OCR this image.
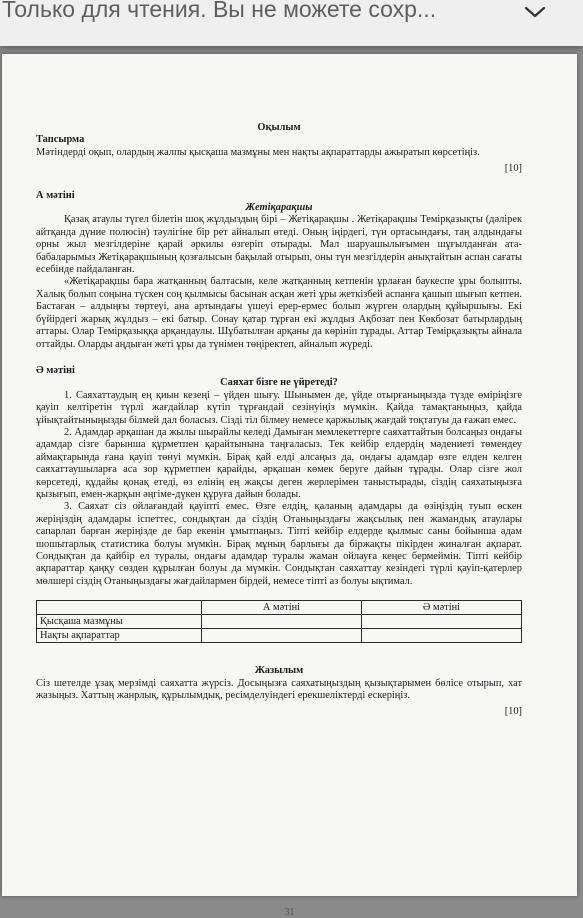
Только для чтения. Вы не можете сохр...

Оқылым

Тапсырма

Мәтіндерді оқып, олардың жалпы қысқаша мазмұны мен нақты ақпараттарды ажыратып көрсетіңіз.

[10]

А мәтіні

Жетіқарақшы

Қазақ атаулы түгел білетін шоқ жұлдыздың бірі – Жетіқарақшы . Жетіқарақшы Темірқазықты (дәлірек айтқанда дүние полюсін) тәулігіне бір рет айналып өтеді. Оның іңірдегі, түн ортасындағы, таң алдындағы орны жыл мезгілдеріне қарай әркилы өзгеріп отырады. Мал шаруашылығымен шұғылданған ата-бабаларымыз Жетіқарақшының қозғалысын бақылай отырып, оны түн мезгілдерін анықтайтын аспан сағаты есебінде пайдаланған.

«Жетіқарақшы бара жатқанның балтасын, келе жатқанның кетпенін ұрлаған баукеспе ұры болыпты. Халық болып соңына түскен соң қылмысы басынан асқан жеті ұры жеткізбей аспанға қашып шығып кетпен. Бастаған – алдыңғы төртеуі, ана артындағы үшеуі ерер-ермес болып жүрген олардың құйыршығы. Екі бүйірдегі жарық жұлдыз – екі батыр. Сонау қатар тұрған екі жұлдыз Ақбозат пен Көкбозат батырлардың аттары. Олар Темірқазыққа арқандаулы. Шұбатылған арқаны да көрініп тұрады. Аттар Темірқазықты айнала оттайды. Оларды аңдыған жеті ұры да түнімен төңіректеп, айналып жүреді.

Ә мәтіні

Саяхат бізге не үйретеді?

1. Саяхаттаудың ең қиын кезеңі – үйден шығу. Шынымен де, үйде отырғаныңызда түзде өміріңізге қауіп келтіретін түрлі жағдайлар күтіп тұрғандай сезінуіңіз мүмкін. Қайда тамақтаныңыз, қайда ұйықтайтыныңызды білмей дал боласыз. Сізді тіл білмеу немесе қаржылық жағдай тоқтатуы да ғажап емес.

2. Адамдар әрқашан да жылы шырайлы келеді Дамыған мемлекеттерге саяхаттайтын болсаңыз ондағы адамдар сізге барынша құрметпен қарайтынына таңғаласыз. Тек кейбір елдердің мәдениеті төмендеу аймақтарында ғана қауіп төнуі мүмкін. Бірақ қай елді алсаңыз да, ондағы адамдар өзге елден келген саяхаттаушыларға аса зор құрметпен қарайды, әрқашан көмек беруге дайын тұрады. Олар сізге жол көрсетеді, құдайы қонақ етеді, өз елінің ең жақсы деген жерлерімен таныстырады, сіздің саяхатыңызға қызығып, емен-жарқын әңгіме-дүкен құруға дайын болады.

3. Саяхат сіз ойлағандай қауіпті емес. Өзге елдің, қаланың адамдары да өзіңіздің туып өскен жеріңіздің адамдары іспеттес, сондықтан да сіздің Отаныңыздағы жақсылық пен жамандық атаулары сапарлап барған жеріңізде де бар екенін ұмытпаңыз. Тіпті кейбір елдерде қылмыс саны бойынша адам шошытарлық статистика болуы мүмкін. Бірақ мұның барлығы да біржақты пікірден жиналған ақпарат. Сондықтан да қайбір ел туралы, ондағы адамдар туралы жаман ойлауға кеңес бермеймін. Тіпті кейбір ақпараттар қаңқу сөзден құрылған болуы да мүмкін. Сондықтан саяхаттау кезіндегі түрлі қауіп-қатерлер мөлшері сіздің Отаныңыздағы жағдайлармен бірдей, немесе тіпті аз болуы ықтимал.

	А мәтіні	Ә мәтіні
Қысқаша мазмұны		
Нақты ақпараттар		

Жазылым

Сіз шетелде ұзақ мерзімді саяхатта жүрсіз. Досыңызға саяхатыңыздың қызықтарымен бөлісе отырып, хат жазыңыз. Хаттың жанрлық, құрылымдық, ресімделуіндегі ерекшеліктерді ескеріңіз.

[10]

31
